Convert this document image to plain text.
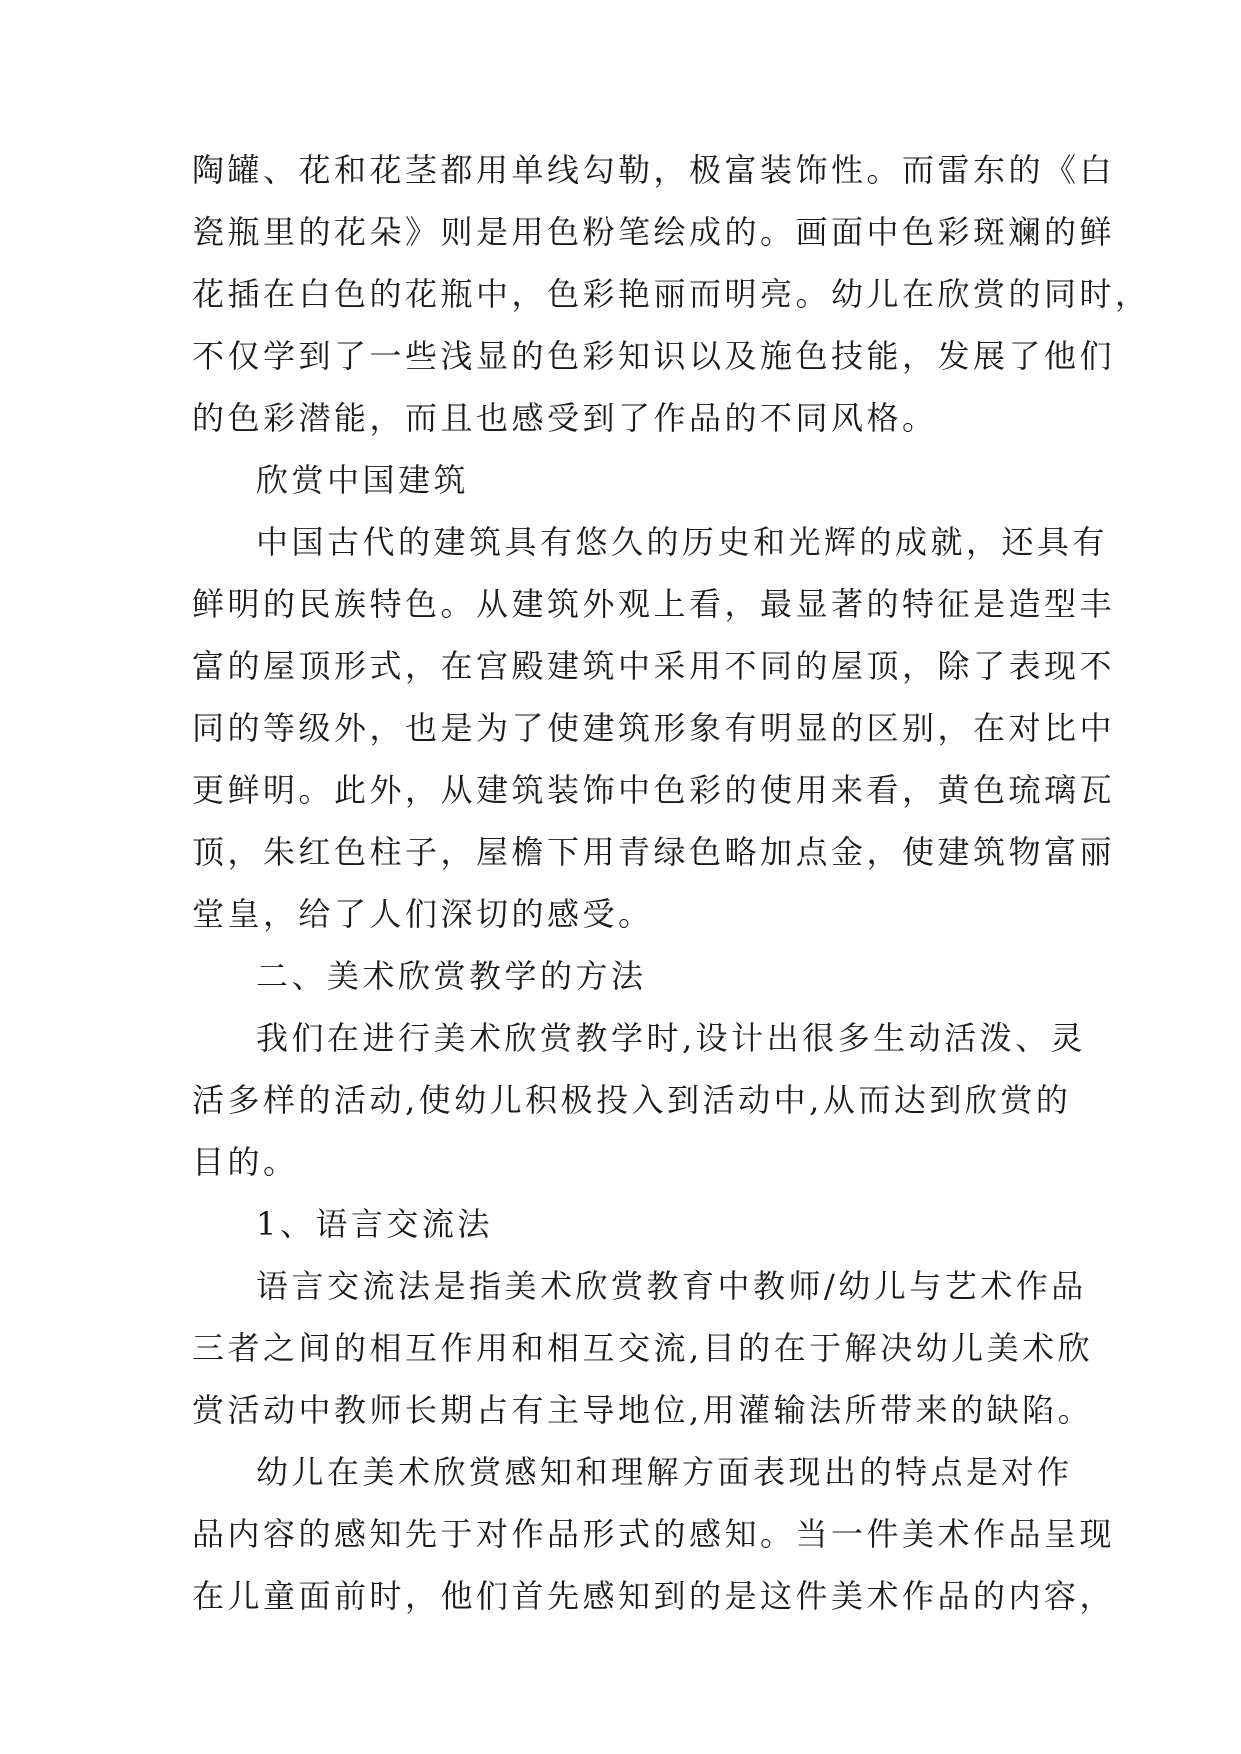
陶罐、花和花茎都用单线勾勒，极富装饰性。而雷东的《白

瓷瓶里的花朵》则是用色粉笔绘成的。画面中色彩斑斓的鲜

花插在白色的花瓶中，色彩艳丽而明亮。幼儿在欣赏的同时，

不仅学到了一些浅显的色彩知识以及施色技能，发展了他们

的色彩潜能，而且也感受到了作品的不同风格。

欣赏中国建筑

中国古代的建筑具有悠久的历史和光辉的成就，还具有

鲜明的民族特色。从建筑外观上看，最显著的特征是造型丰

富的屋顶形式，在宫殿建筑中采用不同的屋顶，除了表现不

同的等级外，也是为了使建筑形象有明显的区别，在对比中

更鲜明。此外，从建筑装饰中色彩的使用来看，黄色琉璃瓦

顶，朱红色柱子，屋檐下用青绿色略加点金，使建筑物富丽

堂皇，给了人们深切的感受。

二、美术欣赏教学的方法

我们在进行美术欣赏教学时,设计出很多生动活泼、灵

活多样的活动,使幼儿积极投入到活动中,从而达到欣赏的

目的。

1、语言交流法

语言交流法是指美术欣赏教育中教师/幼儿与艺术作品

三者之间的相互作用和相互交流,目的在于解决幼儿美术欣

赏活动中教师长期占有主导地位,用灌输法所带来的缺陷。

幼儿在美术欣赏感知和理解方面表现出的特点是对作

品内容的感知先于对作品形式的感知。当一件美术作品呈现

在儿童面前时，他们首先感知到的是这件美术作品的内容，
